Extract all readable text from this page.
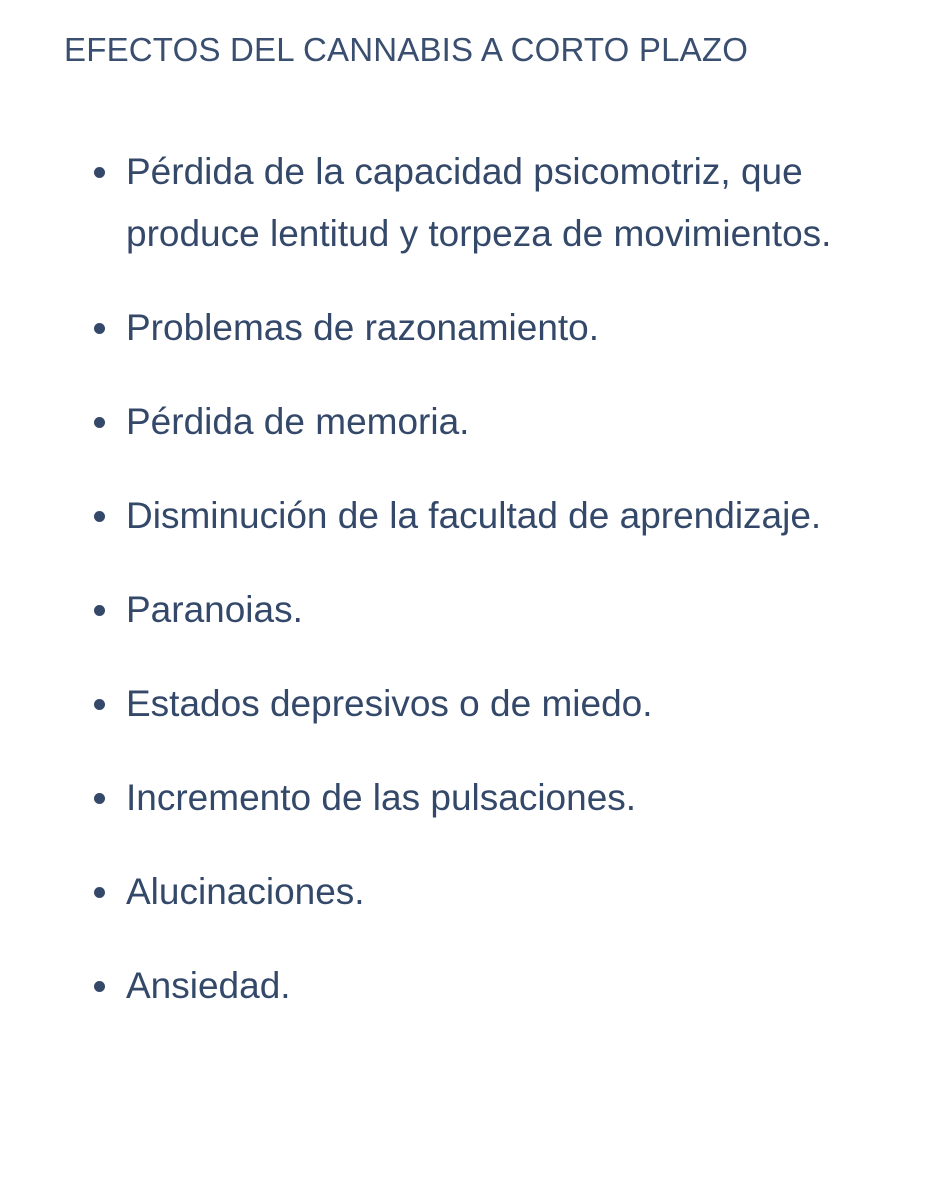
EFECTOS DEL CANNABIS A CORTO PLAZO
Pérdida de la capacidad psicomotriz, que produce lentitud y torpeza de movimientos.
Problemas de razonamiento.
Pérdida de memoria.
Disminución de la facultad de aprendizaje.
Paranoias.
Estados depresivos o de miedo.
Incremento de las pulsaciones.
Alucinaciones.
Ansiedad.
